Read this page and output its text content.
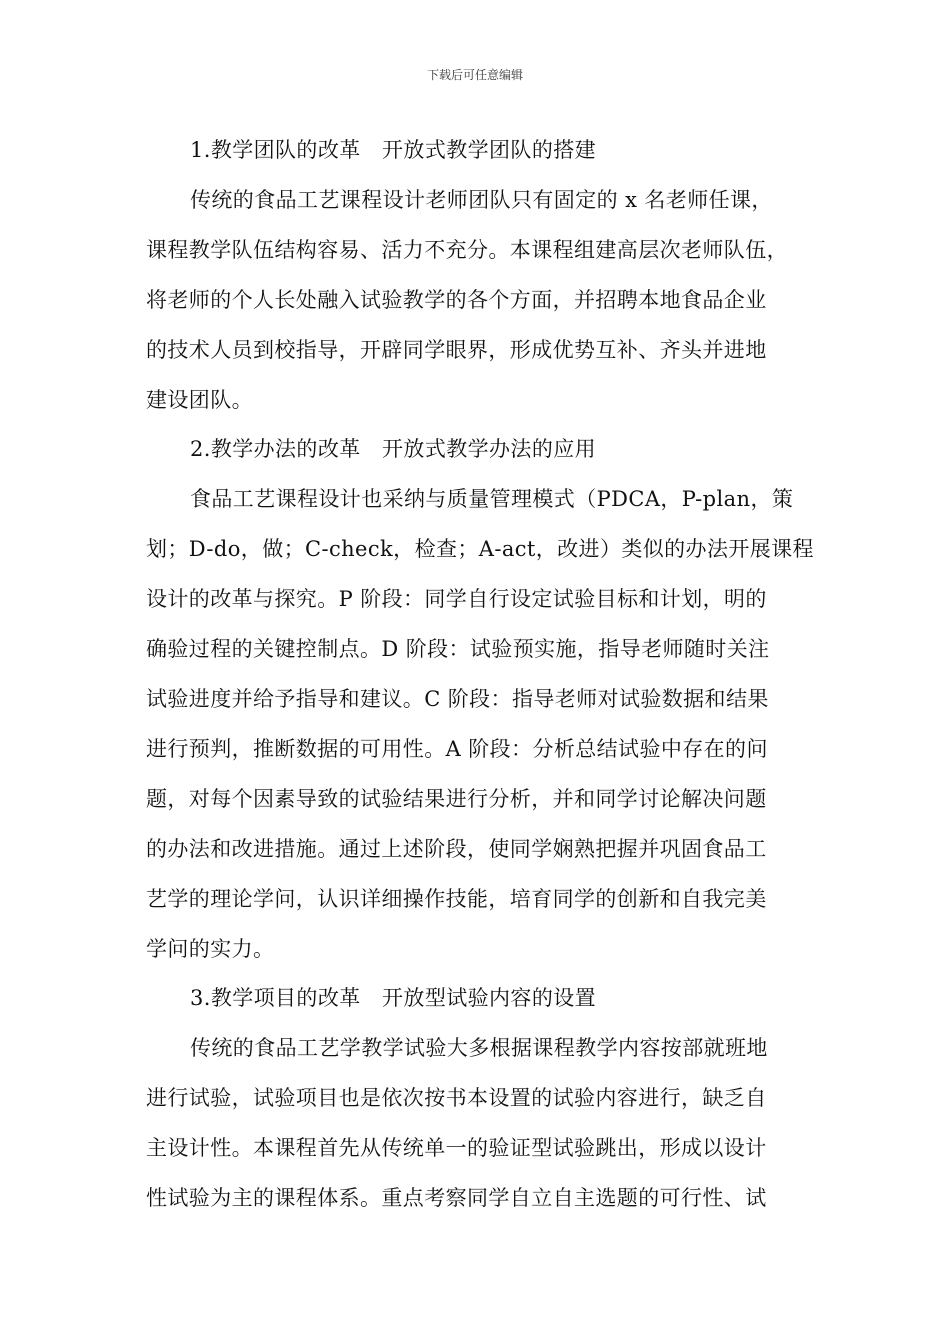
下载后可任意编辑
1.教学团队的改革　开放式教学团队的搭建
传统的食品工艺课程设计老师团队只有固定的 x 名老师任课，
课程教学队伍结构容易、活力不充分。本课程组建高层次老师队伍，
将老师的个人长处融入试验教学的各个方面，并招聘本地食品企业
的技术人员到校指导，开辟同学眼界，形成优势互补、齐头并进地
建设团队。
2.教学办法的改革　开放式教学办法的应用
食品工艺课程设计也采纳与质量管理模式（PDCA，P-plan，策
划；D-do，做；C-check，检查；A-act，改进）类似的办法开展课程
设计的改革与探究。P 阶段：同学自行设定试验目标和计划，明的
确验过程的关键控制点。D 阶段：试验预实施，指导老师随时关注
试验进度并给予指导和建议。C 阶段：指导老师对试验数据和结果
进行预判，推断数据的可用性。A 阶段：分析总结试验中存在的问
题，对每个因素导致的试验结果进行分析，并和同学讨论解决问题
的办法和改进措施。通过上述阶段，使同学娴熟把握并巩固食品工
艺学的理论学问，认识详细操作技能，培育同学的创新和自我完美
学问的实力。
3.教学项目的改革　开放型试验内容的设置
传统的食品工艺学教学试验大多根据课程教学内容按部就班地
进行试验，试验项目也是依次按书本设置的试验内容进行，缺乏自
主设计性。本课程首先从传统单一的验证型试验跳出，形成以设计
性试验为主的课程体系。重点考察同学自立自主选题的可行性、试
